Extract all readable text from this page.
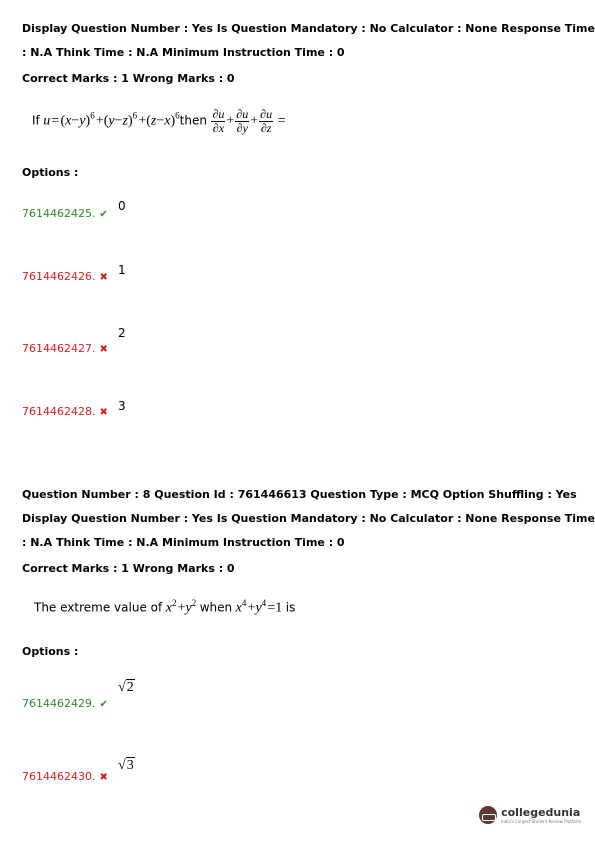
Display Question Number : Yes Is Question Mandatory : No Calculator : None Response Time
: N.A Think Time : N.A Minimum Instruction Time : 0
Correct Marks : 1 Wrong Marks : 0
If u = $(x-y)^6$ $+(y-z)^6$ $+(z-x)^6then \frac{\partial u}{\partial x} + \frac{\partial u}{\partial y} + \frac{\partial u}{\partial z}$ =
Options :
7614462425. ✔
0
7614462426. ✖
1
7614462427. ✖
2
7614462428. ✖ 3
Question Number : 8 Question Id : 761446613 Question Type : MCQ Option Shuffling : Yes
Display Question Number : Yes Is Question Mandatory : No Calculator : None Response Time
: N.A Think Time : N.A Minimum Instruction Time : 0
Correct Marks : 1 Wrong Marks : 0
The extreme value of $x^2$ $+y^2$ when $x^4$ $+y^4$ =1 is
Options :
7614462429. ✔
√2
7614462430. ✖
√3
collegedunia
India's Largest Student Review Platform
